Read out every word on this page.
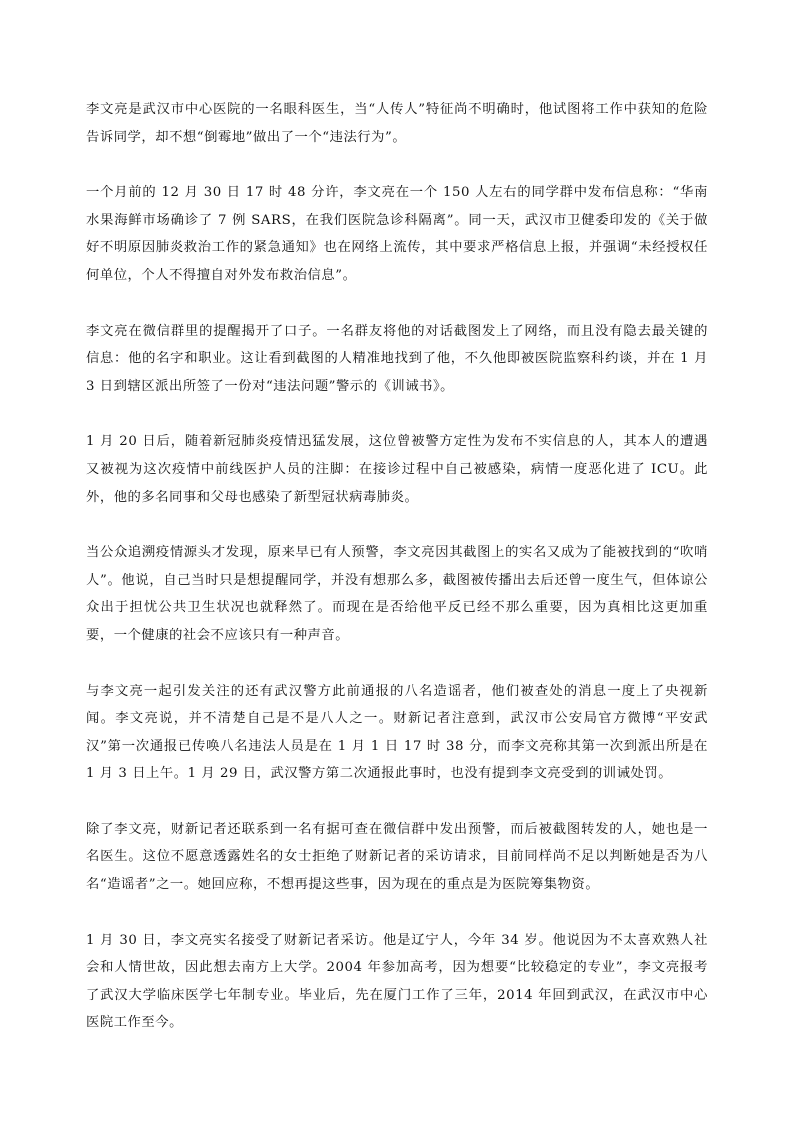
李文亮是武汉市中心医院的一名眼科医生，当“人传人”特征尚不明确时，他试图将工作中获知的危险告诉同学，却不想“倒霉地”做出了一个“违法行为”。

一个月前的 12 月 30 日 17 时 48 分许，李文亮在一个 150 人左右的同学群中发布信息称：“华南水果海鲜市场确诊了 7 例 SARS，在我们医院急诊科隔离”。同一天，武汉市卫健委印发的《关于做好不明原因肺炎救治工作的紧急通知》也在网络上流传，其中要求严格信息上报，并强调“未经授权任何单位，个人不得擅自对外发布救治信息”。

李文亮在微信群里的提醒揭开了口子。一名群友将他的对话截图发上了网络，而且没有隐去最关键的信息：他的名字和职业。这让看到截图的人精准地找到了他，不久他即被医院监察科约谈，并在 1 月 3 日到辖区派出所签了一份对“违法问题”警示的《训诫书》。

1 月 20 日后，随着新冠肺炎疫情迅猛发展，这位曾被警方定性为发布不实信息的人，其本人的遭遇又被视为这次疫情中前线医护人员的注脚：在接诊过程中自己被感染，病情一度恶化进了 ICU。此外，他的多名同事和父母也感染了新型冠状病毒肺炎。

当公众追溯疫情源头才发现，原来早已有人预警，李文亮因其截图上的实名又成为了能被找到的“吹哨人”。他说，自己当时只是想提醒同学，并没有想那么多，截图被传播出去后还曾一度生气，但体谅公众出于担忧公共卫生状况也就释然了。而现在是否给他平反已经不那么重要，因为真相比这更加重要，一个健康的社会不应该只有一种声音。

与李文亮一起引发关注的还有武汉警方此前通报的八名造谣者，他们被查处的消息一度上了央视新闻。李文亮说，并不清楚自己是不是八人之一。财新记者注意到，武汉市公安局官方微博“平安武汉”第一次通报已传唤八名违法人员是在 1 月 1 日 17 时 38 分，而李文亮称其第一次到派出所是在 1 月 3 日上午。1 月 29 日，武汉警方第二次通报此事时，也没有提到李文亮受到的训诫处罚。

除了李文亮，财新记者还联系到一名有据可查在微信群中发出预警，而后被截图转发的人，她也是一名医生。这位不愿意透露姓名的女士拒绝了财新记者的采访请求，目前同样尚不足以判断她是否为八名“造谣者”之一。她回应称，不想再提这些事，因为现在的重点是为医院筹集物资。

1 月 30 日，李文亮实名接受了财新记者采访。他是辽宁人，今年 34 岁。他说因为不太喜欢熟人社会和人情世故，因此想去南方上大学。2004 年参加高考，因为想要“比较稳定的专业”，李文亮报考了武汉大学临床医学七年制专业。毕业后，先在厦门工作了三年，2014 年回到武汉，在武汉市中心医院工作至今。
